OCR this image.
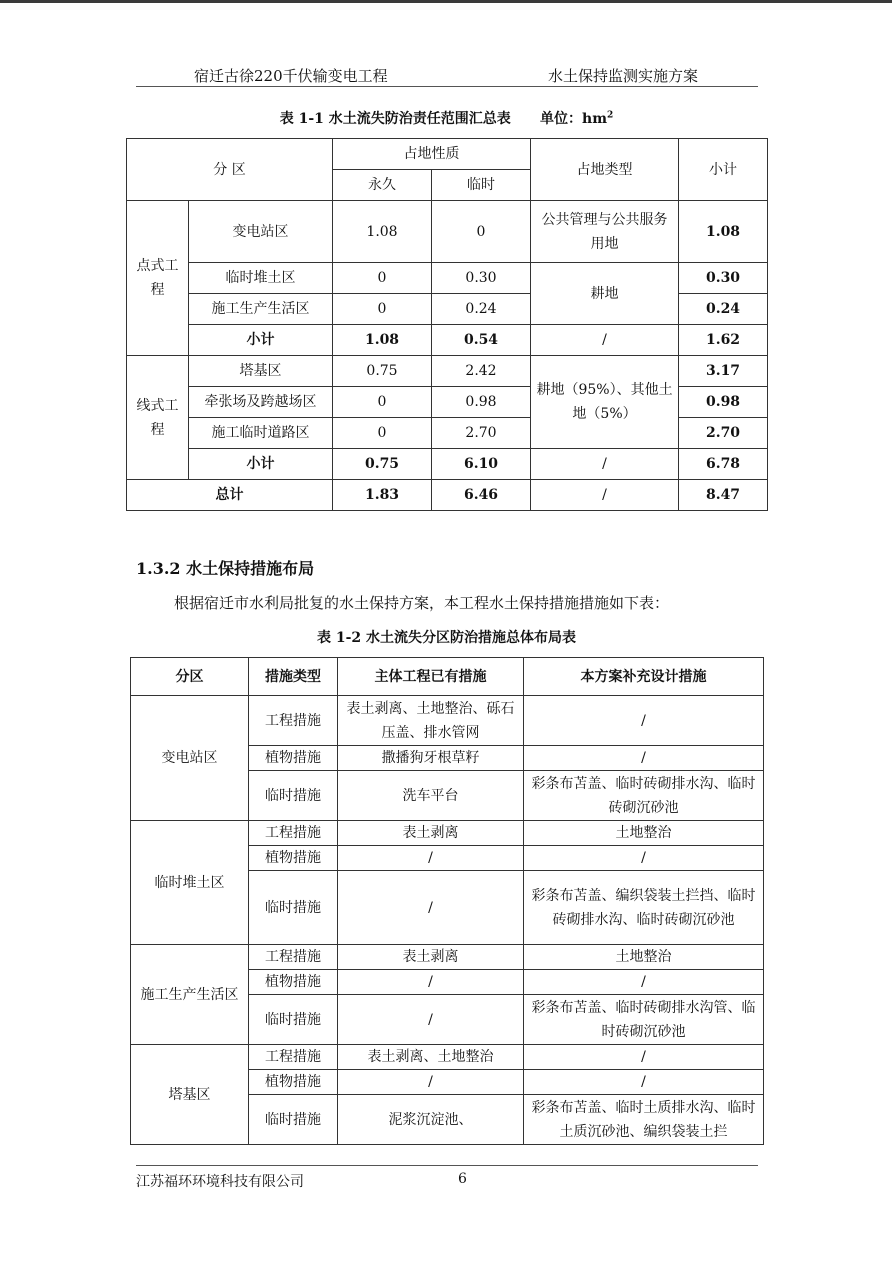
宿迁古徐220千伏输变电工程	水土保持监测实施方案
表 1-1 水土流失防治责任范围汇总表 单位：$hm^2$
分 区		占地性质		占地类型	小计
		永久	临时		
点式工程	变电站区	1.08	0	公共管理与公共服务用地	1.08
	临时堆土区	0	0.30	耕地	0.30
	施工生产生活区	0	0.24		0.24
	小计	1.08	0.54	/	1.62
线式工程	塔基区	0.75	2.42	耕地（95%）、其他土地（5%）	3.17
	牵张场及跨越场区	0	0.98		0.98
	施工临时道路区	0	2.70		2.70
	小计	0.75	6.10	/	6.78
总计		1.83	6.46	/	8.47
1.3.2 水土保持措施布局
根据宿迁市水利局批复的水土保持方案，本工程水土保持措施措施如下表：
表 1-2 水土流失分区防治措施总体布局表
分区	措施类型	主体工程已有措施	本方案补充设计措施
变电站区	工程措施	表土剥离、土地整治、砾石压盖、排水管网	/
	植物措施	撒播狗牙根草籽	/
	临时措施	洗车平台	彩条布苫盖、临时砖砌排水沟、临时砖砌沉砂池
临时堆土区	工程措施	表土剥离	土地整治
	植物措施	/	/
	临时措施	/	彩条布苫盖、编织袋装土拦挡、临时砖砌排水沟、临时砖砌沉砂池
施工生产生活区	工程措施	表土剥离	土地整治
	植物措施	/	/
	临时措施	/	彩条布苫盖、临时砖砌排水沟管、临时砖砌沉砂池
塔基区	工程措施	表土剥离、土地整治	/
	植物措施	/	/
	临时措施	泥浆沉淀池、	彩条布苫盖、临时土质排水沟、临时土质沉砂池、编织袋装土拦
江苏福环环境科技有限公司	6
